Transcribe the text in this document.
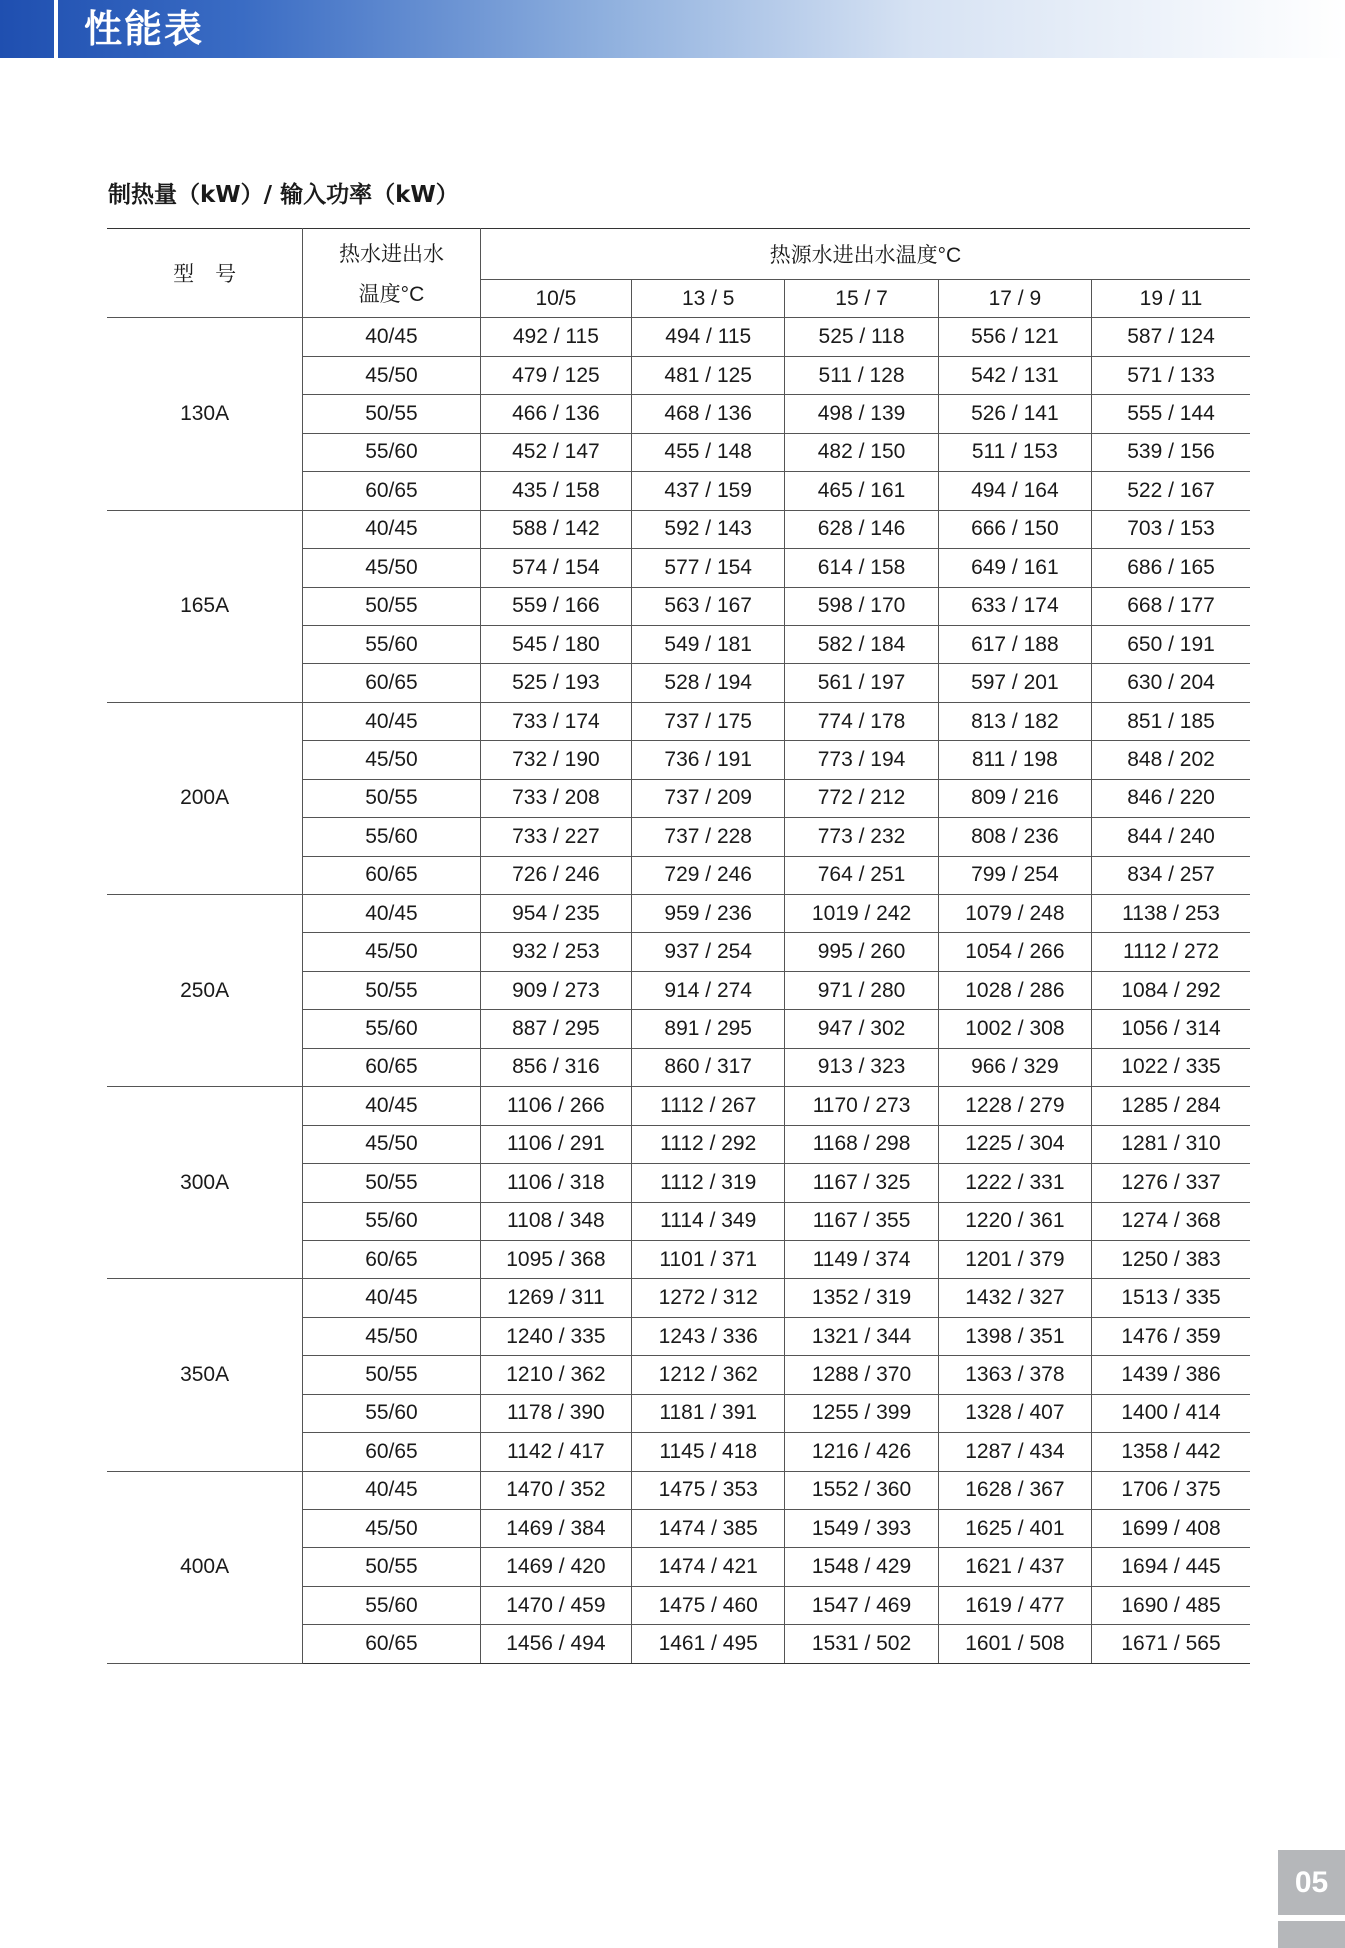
性能表
制热量（kW）/ 输入功率（kW）
型　号	热水进出水
温度°C	热源水进出水温度°C				
		10/5	13 / 5	15 / 7	17 / 9	19 / 11
130A	40/45	492 / 115	494 / 115	525 / 118	556 / 121	587 / 124
	45/50	479 / 125	481 / 125	511 / 128	542 / 131	571 / 133
	50/55	466 / 136	468 / 136	498 / 139	526 / 141	555 / 144
	55/60	452 / 147	455 / 148	482 / 150	511 / 153	539 / 156
	60/65	435 / 158	437 / 159	465 / 161	494 / 164	522 / 167
165A	40/45	588 / 142	592 / 143	628 / 146	666 / 150	703 / 153
	45/50	574 / 154	577 / 154	614 / 158	649 / 161	686 / 165
	50/55	559 / 166	563 / 167	598 / 170	633 / 174	668 / 177
	55/60	545 / 180	549 / 181	582 / 184	617 / 188	650 / 191
	60/65	525 / 193	528 / 194	561 / 197	597 / 201	630 / 204
200A	40/45	733 / 174	737 / 175	774 / 178	813 / 182	851 / 185
	45/50	732 / 190	736 / 191	773 / 194	811 / 198	848 / 202
	50/55	733 / 208	737 / 209	772 / 212	809 / 216	846 / 220
	55/60	733 / 227	737 / 228	773 / 232	808 / 236	844 / 240
	60/65	726 / 246	729 / 246	764 / 251	799 / 254	834 / 257
250A	40/45	954 / 235	959 / 236	1019 / 242	1079 / 248	1138 / 253
	45/50	932 / 253	937 / 254	995 / 260	1054 / 266	1112 / 272
	50/55	909 / 273	914 / 274	971 / 280	1028 / 286	1084 / 292
	55/60	887 / 295	891 / 295	947 / 302	1002 / 308	1056 / 314
	60/65	856 / 316	860 / 317	913 / 323	966 / 329	1022 / 335
300A	40/45	1106 / 266	1112 / 267	1170 / 273	1228 / 279	1285 / 284
	45/50	1106 / 291	1112 / 292	1168 / 298	1225 / 304	1281 / 310
	50/55	1106 / 318	1112 / 319	1167 / 325	1222 / 331	1276 / 337
	55/60	1108 / 348	1114 / 349	1167 / 355	1220 / 361	1274 / 368
	60/65	1095 / 368	1101 / 371	1149 / 374	1201 / 379	1250 / 383
350A	40/45	1269 / 311	1272 / 312	1352 / 319	1432 / 327	1513 / 335
	45/50	1240 / 335	1243 / 336	1321 / 344	1398 / 351	1476 / 359
	50/55	1210 / 362	1212 / 362	1288 / 370	1363 / 378	1439 / 386
	55/60	1178 / 390	1181 / 391	1255 / 399	1328 / 407	1400 / 414
	60/65	1142 / 417	1145 / 418	1216 / 426	1287 / 434	1358 / 442
400A	40/45	1470 / 352	1475 / 353	1552 / 360	1628 / 367	1706 / 375
	45/50	1469 / 384	1474 / 385	1549 / 393	1625 / 401	1699 / 408
	50/55	1469 / 420	1474 / 421	1548 / 429	1621 / 437	1694 / 445
	55/60	1470 / 459	1475 / 460	1547 / 469	1619 / 477	1690 / 485
	60/65	1456 / 494	1461 / 495	1531 / 502	1601 / 508	1671 / 565
05
